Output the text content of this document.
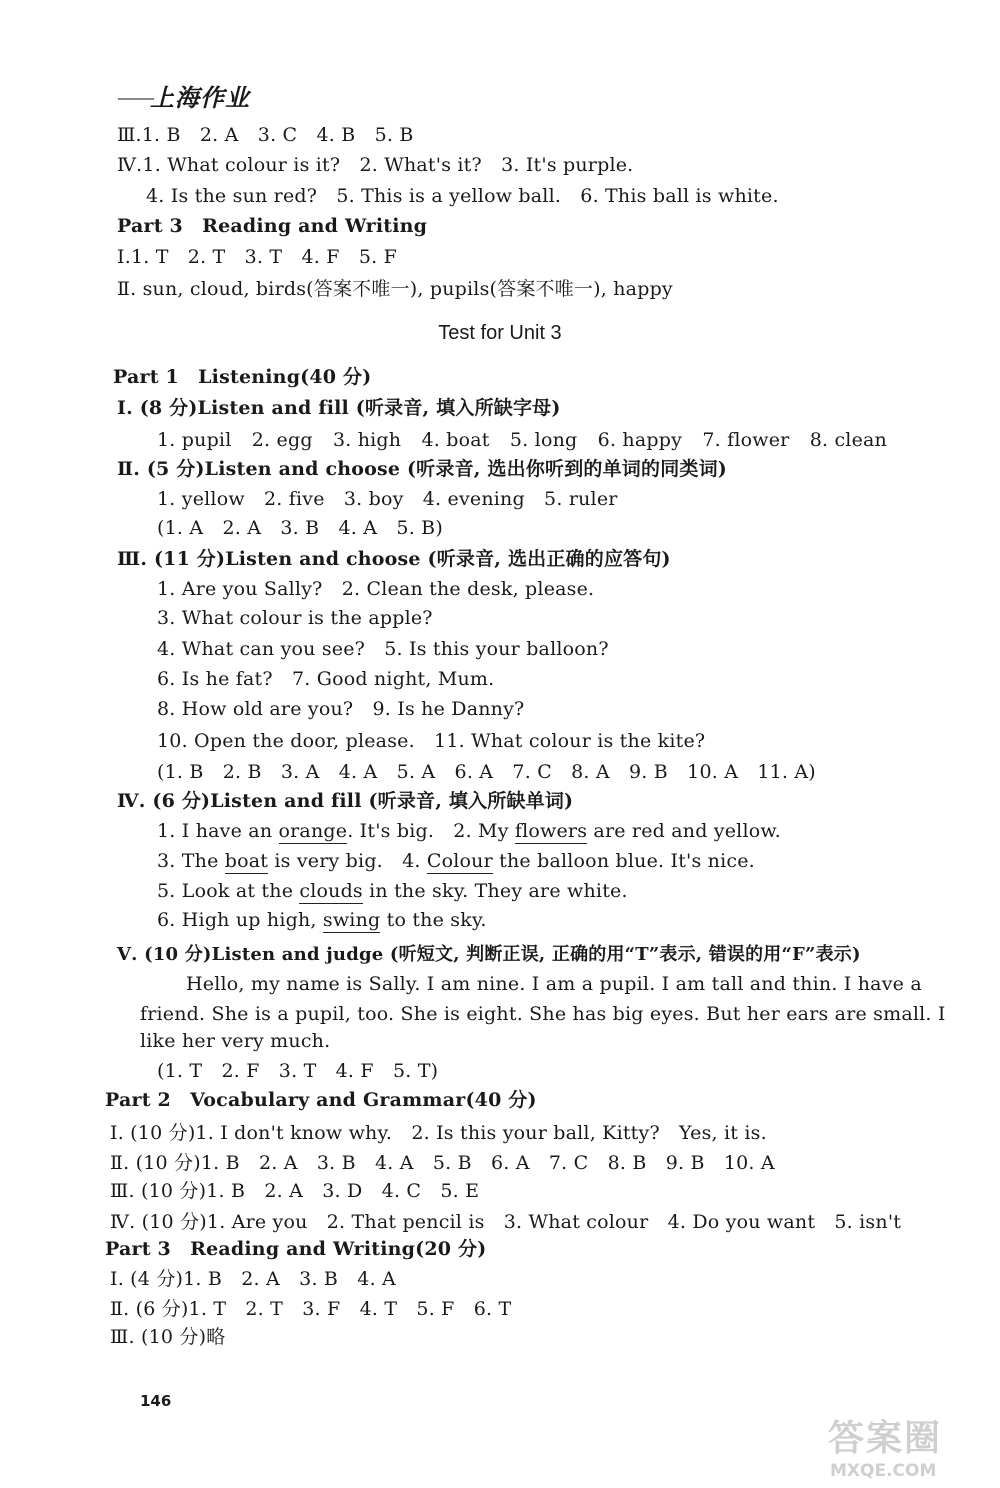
上海作业
Ⅲ.1. B　2. A　3. C　4. B　5. B
Ⅳ.1. What colour is it?　2. What's it?　3. It's purple.
4. Is the sun red?　5. This is a yellow ball.　6. This ball is white.
Part 3　Reading and Writing
Ⅰ.1. T　2. T　3. T　4. F　5. F
Ⅱ. sun, cloud, birds(答案不唯一), pupils(答案不唯一), happy
Test for Unit 3
Part 1　Listening(40 分)
Ⅰ. (8 分)Listen and fill (听录音, 填入所缺字母)
1. pupil 2. egg 3. high 4. boat 5. long 6. happy 7. flower 8. clean
Ⅱ. (5 分)Listen and choose (听录音, 选出你听到的单词的同类词)
1. yellow　2. five　3. boy　4. evening　5. ruler
(1. A　2. A　3. B　4. A　5. B)
Ⅲ. (11 分)Listen and choose (听录音, 选出正确的应答句)
1. Are you Sally?　2. Clean the desk, please.
3. What colour is the apple?
4. What can you see?　5. Is this your balloon?
6. Is he fat?　7. Good night, Mum.
8. How old are you?　9. Is he Danny?
10. Open the door, please.　11. What colour is the kite?
(1. B　2. B　3. A　4. A　5. A　6. A　7. C　8. A　9. B　10. A　11. A)
Ⅳ. (6 分)Listen and fill (听录音, 填入所缺单词)
1. I have an orange. It's big.　2. My flowers are red and yellow.
3. The boat is very big.　4. Colour the balloon blue. It's nice.
5. Look at the clouds in the sky. They are white.
6. High up high, swing to the sky.
Ⅴ. (10 分)Listen and judge (听短文, 判断正误, 正确的用“T”表示, 错误的用“F”表示)
Hello, my name is Sally. I am nine. I am a pupil. I am tall and thin. I have a
friend. She is a pupil, too. She is eight. She has big eyes. But her ears are small. I
like her very much.
(1. T　2. F　3. T　4. F　5. T)
Part 2　Vocabulary and Grammar(40 分)
Ⅰ. (10 分)1. I don't know why.　2. Is this your ball, Kitty?　Yes, it is.
Ⅱ. (10 分)1. B　2. A　3. B　4. A　5. B　6. A　7. C　8. B　9. B　10. A
Ⅲ. (10 分)1. B　2. A　3. D　4. C　5. E
Ⅳ. (10 分)1. Are you　2. That pencil is　3. What colour　4. Do you want　5. isn't
Part 3　Reading and Writing(20 分)
Ⅰ. (4 分)1. B　2. A　3. B　4. A
Ⅱ. (6 分)1. T　2. T　3. F　4. T　5. F　6. T
Ⅲ. (10 分)略
146
答案圈
MXQE.COM
